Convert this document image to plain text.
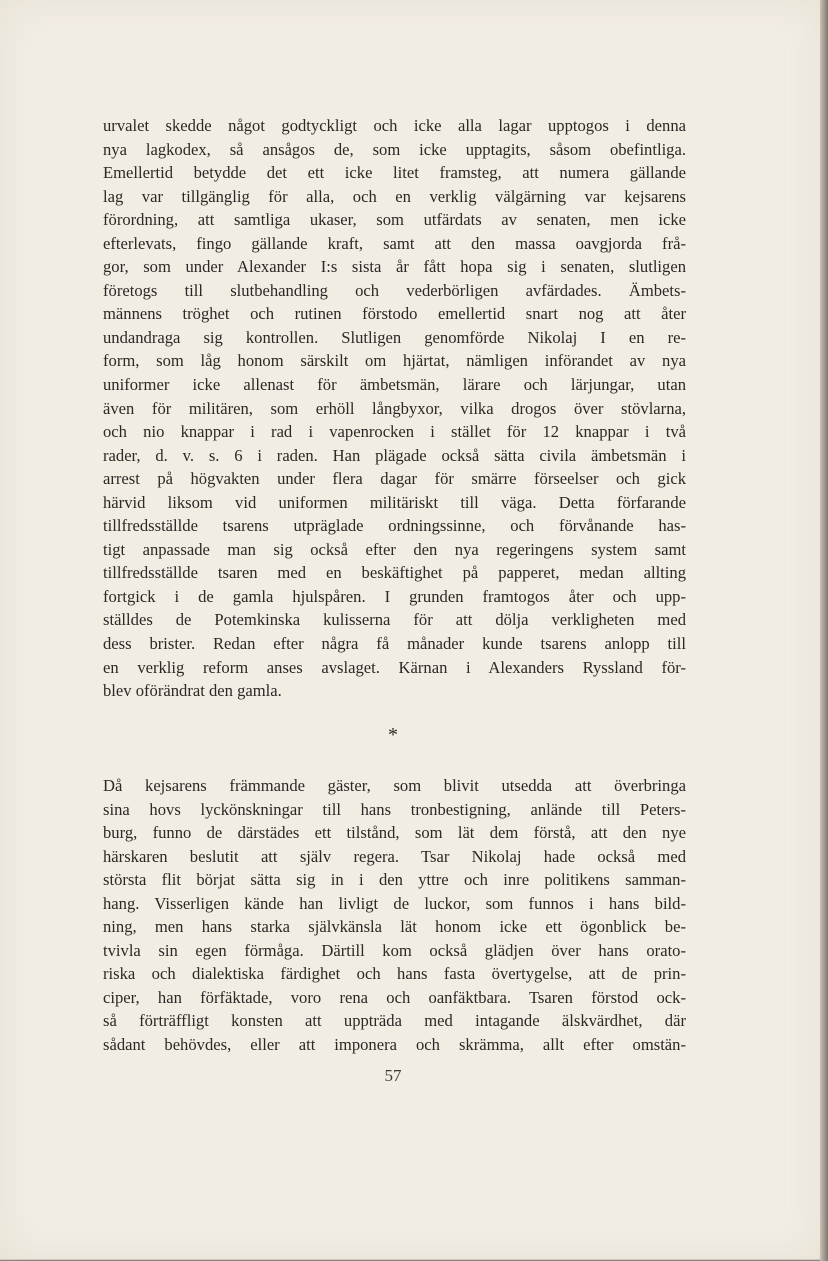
urvalet skedde något godtyckligt och icke alla lagar upptogos i denna
nya lagkodex, så ansågos de, som icke upptagits, såsom obefintliga.
Emellertid betydde det ett icke litet framsteg, att numera gällande
lag var tillgänglig för alla, och en verklig välgärning var kejsarens
förordning, att samtliga ukaser, som utfärdats av senaten, men icke
efterlevats, fingo gällande kraft, samt att den massa oavgjorda frå-
gor, som under Alexander I:s sista år fått hopa sig i senaten, slutligen
företogs till slutbehandling och vederbörligen avfärdades. Ämbets-
männens tröghet och rutinen förstodo emellertid snart nog att åter
undandraga sig kontrollen. Slutligen genomförde Nikolaj I en re-
form, som låg honom särskilt om hjärtat, nämligen införandet av nya
uniformer icke allenast för ämbetsmän, lärare och lärjungar, utan
även för militären, som erhöll långbyxor, vilka drogos över stövlarna,
och nio knappar i rad i vapenrocken i stället för 12 knappar i två
rader, d. v. s. 6 i raden. Han plägade också sätta civila ämbetsmän i
arrest på högvakten under flera dagar för smärre förseelser och gick
härvid liksom vid uniformen militäriskt till väga. Detta förfarande
tillfredsställde tsarens utpräglade ordningssinne, och förvånande has-
tigt anpassade man sig också efter den nya regeringens system samt
tillfredsställde tsaren med en beskäftighet på papperet, medan allting
fortgick i de gamla hjulspåren. I grunden framtogos åter och upp-
ställdes de Potemkinska kulisserna för att dölja verkligheten med
dess brister. Redan efter några få månader kunde tsarens anlopp till
en verklig reform anses avslaget. Kärnan i Alexanders Ryssland för-
blev oförändrat den gamla.
*
Då kejsarens främmande gäster, som blivit utsedda att överbringa
sina hovs lyckönskningar till hans tronbestigning, anlände till Peters-
burg, funno de därstädes ett tilstånd, som lät dem förstå, att den nye
härskaren beslutit att själv regera. Tsar Nikolaj hade också med
största flit börjat sätta sig in i den yttre och inre politikens samman-
hang. Visserligen kände han livligt de luckor, som funnos i hans bild-
ning, men hans starka självkänsla lät honom icke ett ögonblick be-
tvivla sin egen förmåga. Därtill kom också glädjen över hans orato-
riska och dialektiska färdighet och hans fasta övertygelse, att de prin-
ciper, han förfäktade, voro rena och oanfäktbara. Tsaren förstod ock-
så förträffligt konsten att uppträda med intagande älskvärdhet, där
sådant behövdes, eller att imponera och skrämma, allt efter omstän-
57
